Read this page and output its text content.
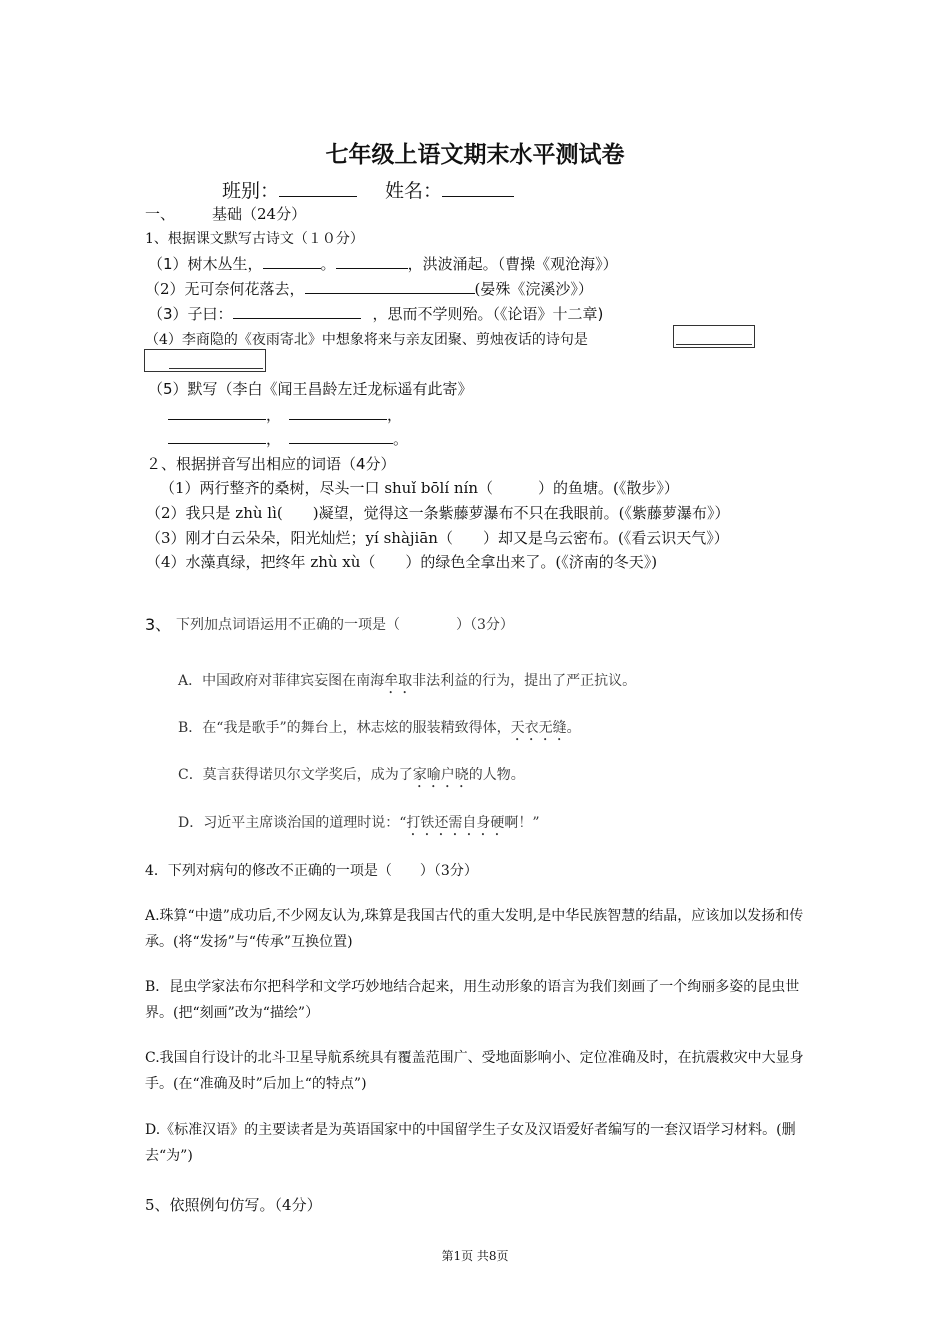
七年级上语文期末水平测试卷
班别：	姓名：
一、 基础（24分）
1、根据课文默写古诗文（１０分）
（1）树木丛生，	。	，洪波涌起。（曹操《观沧海》）
（2）无可奈何花落去，	(晏殊《浣溪沙》）
（3）子曰：	，思而不学则殆。（《论语》十二章)
（4）李商隐的《夜雨寄北》中想象将来与亲友团聚、剪烛夜话的诗句是
（5）默写（李白《闻王昌龄左迁龙标遥有此寄》
，	，
，	。
２、根据拼音写出相应的词语（4分）
（1）两行整齐的桑树，尽头一口 shuǐ bōlí nín（　　　）的鱼塘。(《散步》）
（2）我只是 zhù lì(　　)凝望，觉得这一条紫藤萝瀑布不只在我眼前。(《紫藤萝瀑布》）
（3）刚才白云朵朵，阳光灿烂；yí shàjiān（　　）却又是乌云密布。(《看云识天气》）
（4）水藻真绿，把终年 zhù xù（　　）的绿色全拿出来了。(《济南的冬天》)
3、 下列加点词语运用不正确的一项是（　　　　）（3分）
A．中国政府对菲律宾妄图在南海牟取非法利益的行为，提出了严正抗议。
B．在“我是歌手”的舞台上，林志炫的服装精致得体，天衣无缝。
C．莫言获得诺贝尔文学奖后，成为了家喻户晓的人物。
D．习近平主席谈治国的道理时说：“打铁还需自身硬啊！”
4．下列对病句的修改不正确的一项是（　　）（3分）
A.珠算“中遗”成功后,不少网友认为,珠算是我国古代的重大发明,是中华民族智慧的结晶，应该加以发扬和传承。(将“发扬”与“传承”互换位置)
B．昆虫学家法布尔把科学和文学巧妙地结合起来，用生动形象的语言为我们刻画了一个绚丽多姿的昆虫世界。(把“刻画”改为“描绘”）
C.我国自行设计的北斗卫星导航系统具有覆盖范围广、受地面影响小、定位准确及时，在抗震救灾中大显身手。(在“准确及时”后加上“的特点”)
D.《标准汉语》的主要读者是为英语国家中的中国留学生子女及汉语爱好者编写的一套汉语学习材料。(删去“为”)
5、依照例句仿写。（4分）
第1页 共8页
